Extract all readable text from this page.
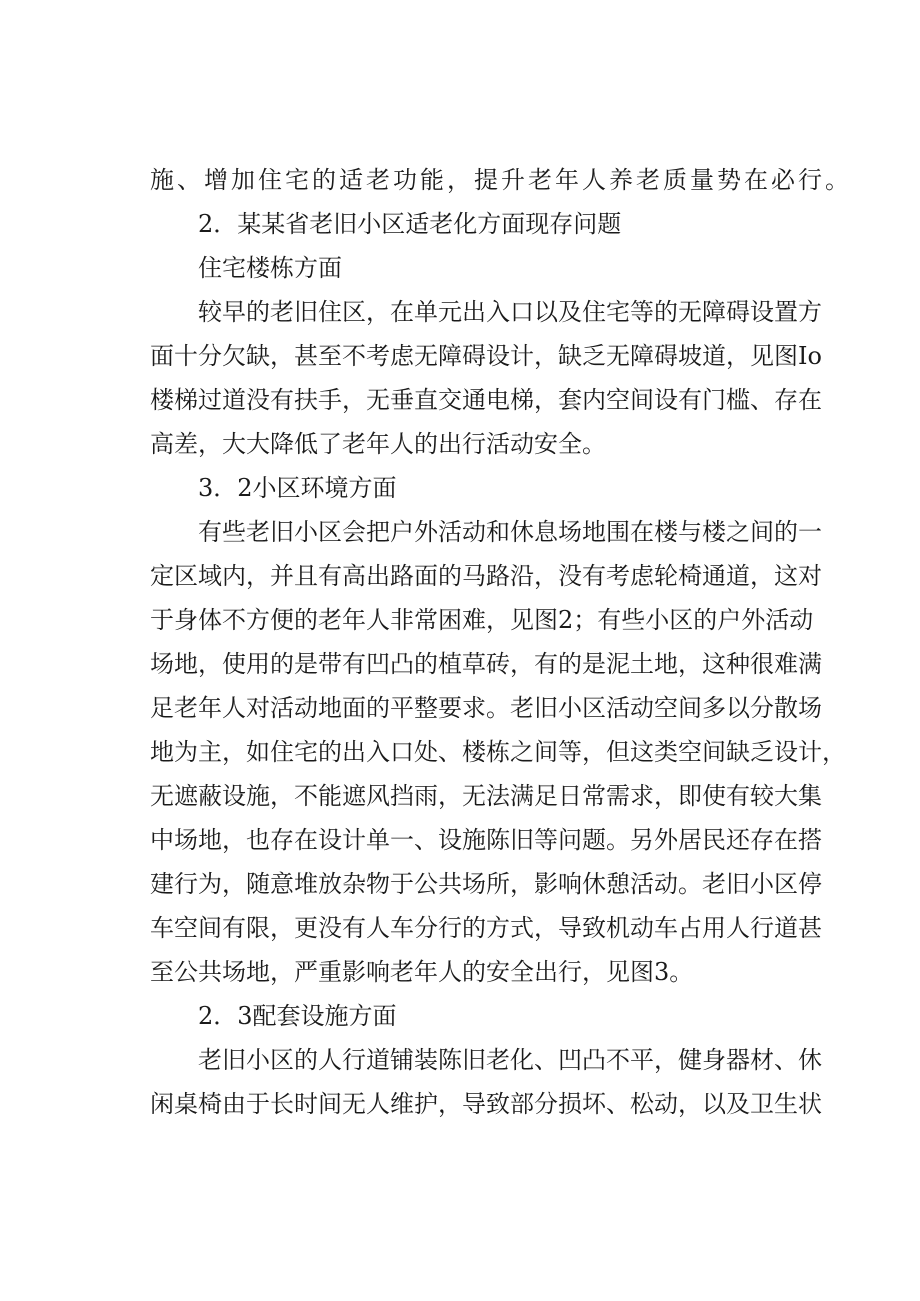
施、增加住宅的适老功能，提升老年人养老质量势在必行。
2．某某省老旧小区适老化方面现存问题
住宅楼栋方面
较早的老旧住区，在单元出入口以及住宅等的无障碍设置方
面十分欠缺，甚至不考虑无障碍设计，缺乏无障碍坡道，见图Io
楼梯过道没有扶手，无垂直交通电梯，套内空间设有门槛、存在
高差，大大降低了老年人的出行活动安全。
3．2小区环境方面
有些老旧小区会把户外活动和休息场地围在楼与楼之间的一
定区域内，并且有高出路面的马路沿，没有考虑轮椅通道，这对
于身体不方便的老年人非常困难，见图2；有些小区的户外活动
场地，使用的是带有凹凸的植草砖，有的是泥土地，这种很难满
足老年人对活动地面的平整要求。老旧小区活动空间多以分散场
地为主，如住宅的出入口处、楼栋之间等，但这类空间缺乏设计，
无遮蔽设施，不能遮风挡雨，无法满足日常需求，即使有较大集
中场地，也存在设计单一、设施陈旧等问题。另外居民还存在搭
建行为，随意堆放杂物于公共场所，影响休憩活动。老旧小区停
车空间有限，更没有人车分行的方式，导致机动车占用人行道甚
至公共场地，严重影响老年人的安全出行，见图3。
2．3配套设施方面
老旧小区的人行道铺装陈旧老化、凹凸不平，健身器材、休
闲桌椅由于长时间无人维护，导致部分损坏、松动，以及卫生状
